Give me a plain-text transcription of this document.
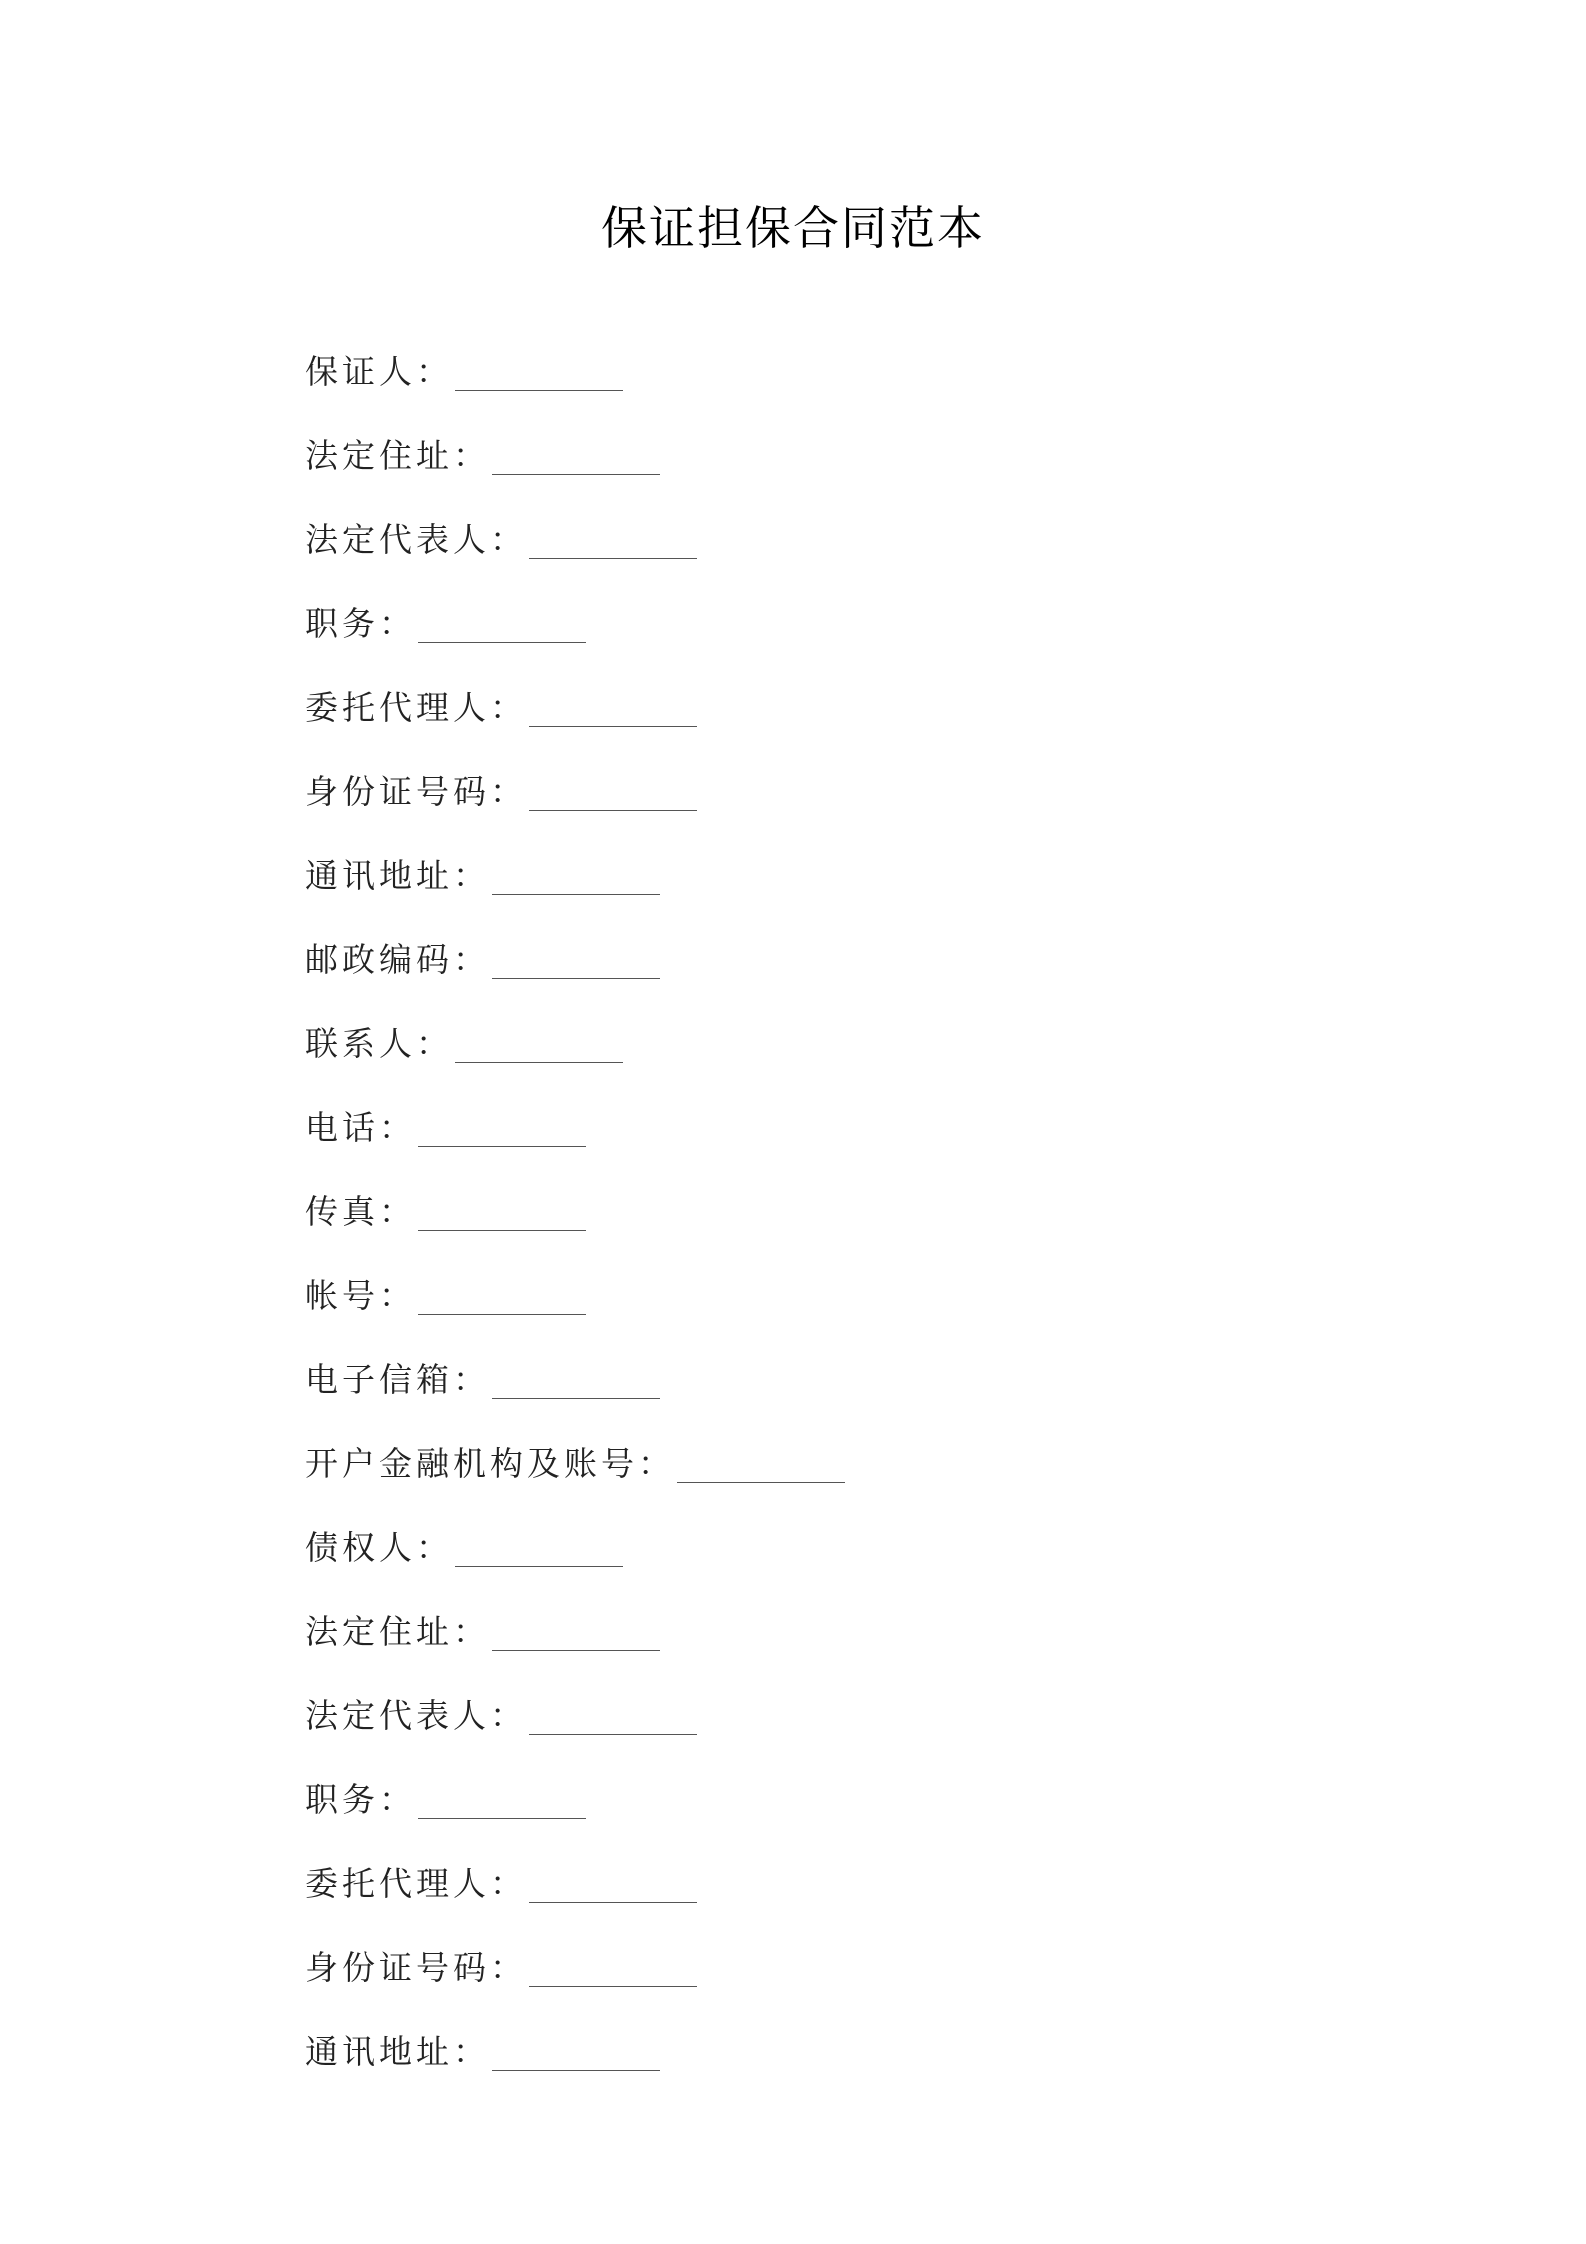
保证担保合同范本
保证人：
法定住址：
法定代表人：
职务：
委托代理人：
身份证号码：
通讯地址：
邮政编码：
联系人：
电话：
传真：
帐号：
电子信箱：
开户金融机构及账号：
债权人：
法定住址：
法定代表人：
职务：
委托代理人：
身份证号码：
通讯地址：
